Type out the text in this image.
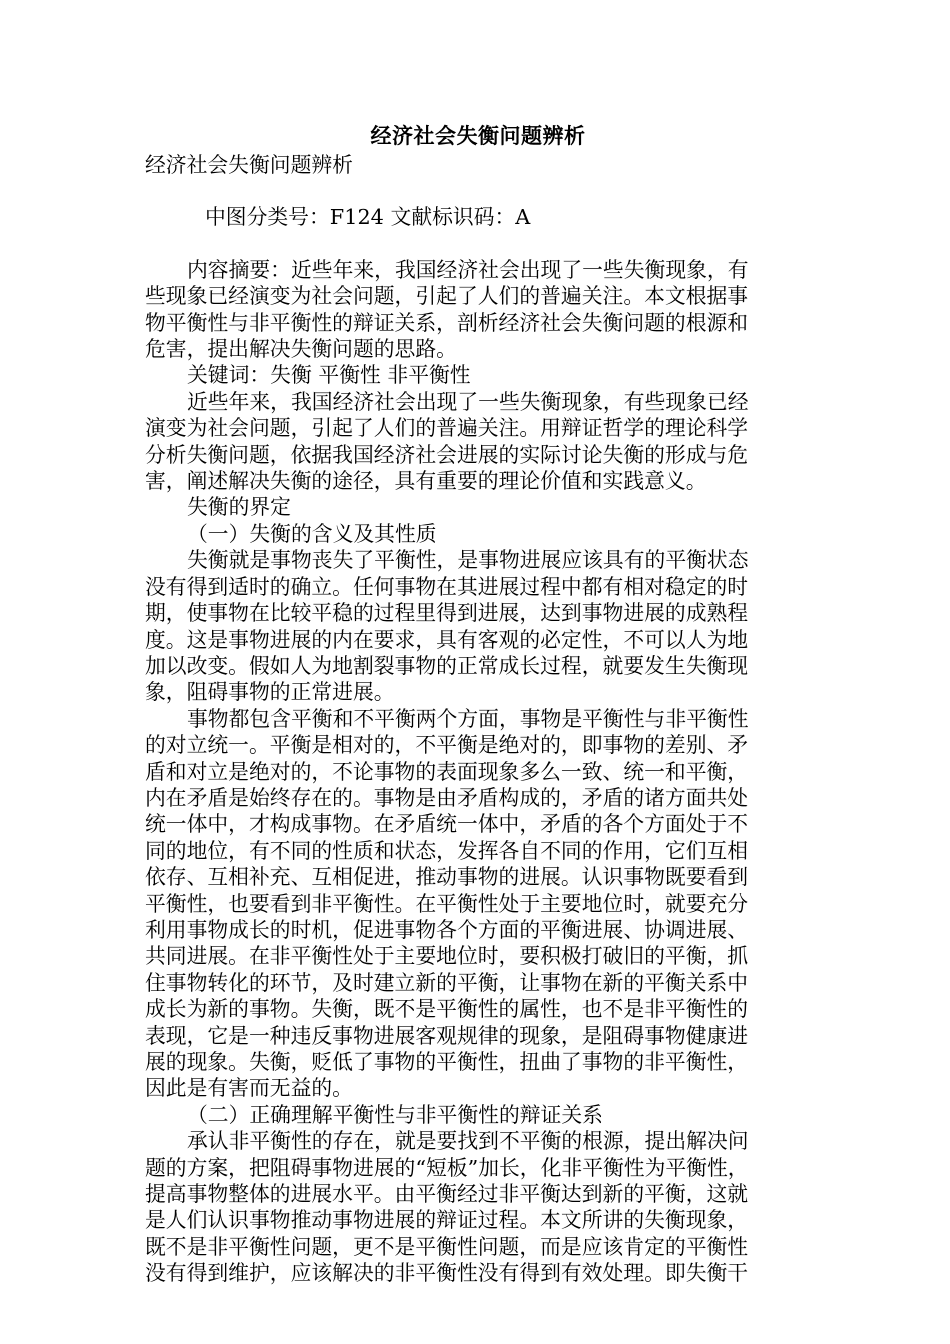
经济社会失衡问题辨析
经济社会失衡问题辨析
中图分类号：F124 文献标识码：A
内容摘要：近些年来，我国经济社会出现了一些失衡现象，有
些现象已经演变为社会问题，引起了人们的普遍关注。本文根据事
物平衡性与非平衡性的辩证关系，剖析经济社会失衡问题的根源和
危害，提出解决失衡问题的思路。
关键词：失衡 平衡性 非平衡性
近些年来，我国经济社会出现了一些失衡现象，有些现象已经
演变为社会问题，引起了人们的普遍关注。用辩证哲学的理论科学
分析失衡问题，依据我国经济社会进展的实际讨论失衡的形成与危
害，阐述解决失衡的途径，具有重要的理论价值和实践意义。
失衡的界定
（一）失衡的含义及其性质
失衡就是事物丧失了平衡性，是事物进展应该具有的平衡状态
没有得到适时的确立。任何事物在其进展过程中都有相对稳定的时
期，使事物在比较平稳的过程里得到进展，达到事物进展的成熟程
度。这是事物进展的内在要求，具有客观的必定性，不可以人为地
加以改变。假如人为地割裂事物的正常成长过程，就要发生失衡现
象，阻碍事物的正常进展。
事物都包含平衡和不平衡两个方面，事物是平衡性与非平衡性
的对立统一。平衡是相对的，不平衡是绝对的，即事物的差别、矛
盾和对立是绝对的，不论事物的表面现象多么一致、统一和平衡，
内在矛盾是始终存在的。事物是由矛盾构成的，矛盾的诸方面共处
统一体中，才构成事物。在矛盾统一体中，矛盾的各个方面处于不
同的地位，有不同的性质和状态，发挥各自不同的作用，它们互相
依存、互相补充、互相促进，推动事物的进展。认识事物既要看到
平衡性，也要看到非平衡性。在平衡性处于主要地位时，就要充分
利用事物成长的时机，促进事物各个方面的平衡进展、协调进展、
共同进展。在非平衡性处于主要地位时，要积极打破旧的平衡，抓
住事物转化的环节，及时建立新的平衡，让事物在新的平衡关系中
成长为新的事物。失衡，既不是平衡性的属性，也不是非平衡性的
表现，它是一种违反事物进展客观规律的现象，是阻碍事物健康进
展的现象。失衡，贬低了事物的平衡性，扭曲了事物的非平衡性，
因此是有害而无益的。
（二）正确理解平衡性与非平衡性的辩证关系
承认非平衡性的存在，就是要找到不平衡的根源，提出解决问
题的方案，把阻碍事物进展的“短板”加长，化非平衡性为平衡性，
提高事物整体的进展水平。由平衡经过非平衡达到新的平衡，这就
是人们认识事物推动事物进展的辩证过程。本文所讲的失衡现象，
既不是非平衡性问题，更不是平衡性问题，而是应该肯定的平衡性
没有得到维护，应该解决的非平衡性没有得到有效处理。即失衡干
